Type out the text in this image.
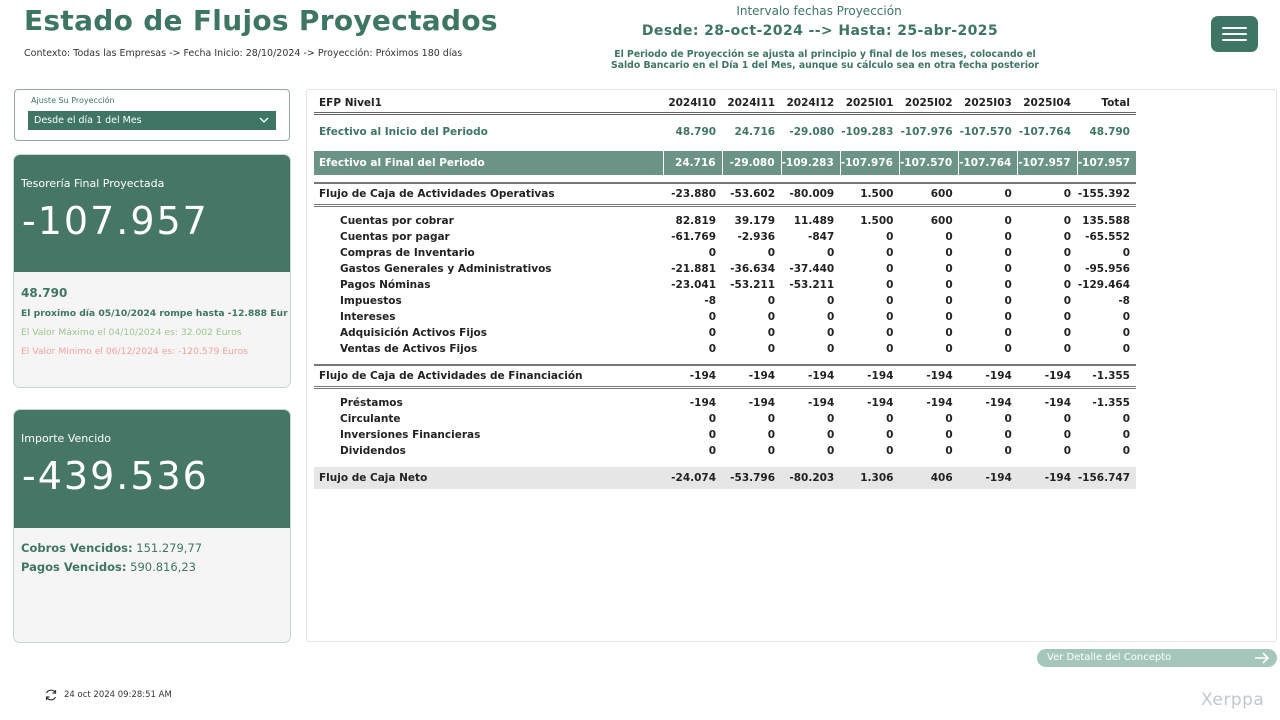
Estado de Flujos Proyectados
Contexto: Todas las Empresas -> Fecha Inicio: 28/10/2024 -> Proyección: Próximos 180 días
Intervalo fechas Proyección
Desde: 28-oct-2024 --> Hasta: 25-abr-2025
El Periodo de Proyección se ajusta al principio y final de los meses, colocando el
Saldo Bancario en el Día 1 del Mes, aunque su cálculo sea en otra fecha posterior
Ajuste Su Proyección
Desde el día 1 del Mes
Tesorería Final Proyectada
-107.957
48.790
El proximo día 05/10/2024 rompe hasta -12.888 Eur
El Valor Máximo el 04/10/2024 es: 32.002 Euros
El Valor Mínimo el 06/12/2024 es: -120.579 Euros
Importe Vencido
-439.536
Cobros Vencidos: 151.279,77
Pagos Vencidos: 590.816,23
EFP Nivel1	2024I10	2024I11	2024I12	2025I01	2025I02	2025I03	2025I04	Total

Efectivo al Inicio del Periodo	48.790	24.716	-29.080	-109.283	-107.976	-107.570	-107.764	48.790

Efectivo al Final del Periodo	24.716	-29.080	-109.283	-107.976	-107.570	-107.764	-107.957	-107.957

Flujo de Caja de Actividades Operativas	-23.880	-53.602	-80.009	1.500	600	0	0	-155.392

Cuentas por cobrar	82.819	39.179	11.489	1.500	600	0	0	135.588
Cuentas por pagar	-61.769	-2.936	-847	0	0	0	0	-65.552
Compras de Inventario	0	0	0	0	0	0	0	0
Gastos Generales y Administrativos	-21.881	-36.634	-37.440	0	0	0	0	-95.956
Pagos Nóminas	-23.041	-53.211	-53.211	0	0	0	0	-129.464
Impuestos	-8	0	0	0	0	0	0	-8
Intereses	0	0	0	0	0	0	0	0
Adquisición Activos Fijos	0	0	0	0	0	0	0	0
Ventas de Activos Fijos	0	0	0	0	0	0	0	0

Flujo de Caja de Actividades de Financiación	-194	-194	-194	-194	-194	-194	-194	-1.355

Préstamos	-194	-194	-194	-194	-194	-194	-194	-1.355
Circulante	0	0	0	0	0	0	0	0
Inversiones Financieras	0	0	0	0	0	0	0	0
Dividendos	0	0	0	0	0	0	0	0

Flujo de Caja Neto	-24.074	-53.796	-80.203	1.306	406	-194	-194	-156.747
Ver Detalle del Concepto
24 oct 2024 09:28:51 AM	Xerppa
